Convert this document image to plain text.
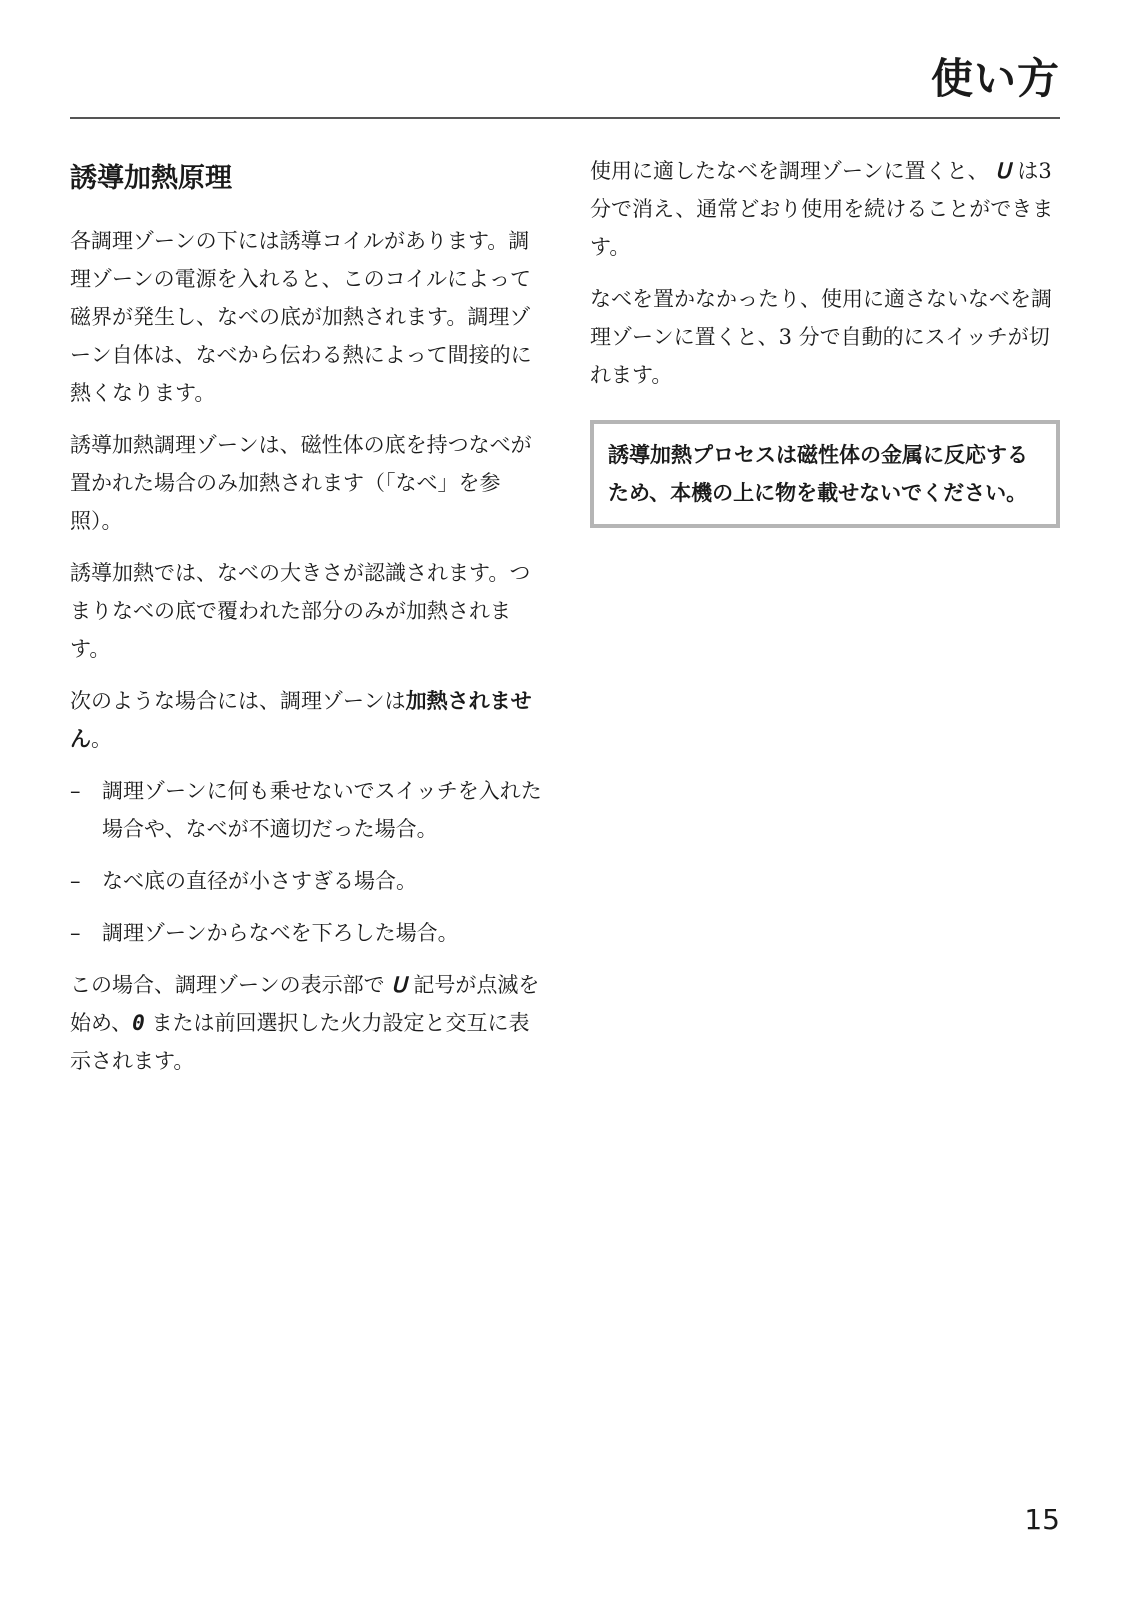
使い方
誘導加熱原理

各調理ゾーンの下には誘導コイルがあります。調理ゾーンの電源を入れると、このコイルによって磁界が発生し、なべの底が加熱されます。調理ゾーン自体は、なべから伝わる熱によって間接的に熱くなります。

誘導加熱調理ゾーンは、磁性体の底を持つなべが置かれた場合のみ加熱されます（「なべ」を参照）。

誘導加熱では、なべの大きさが認識されます。つまりなべの底で覆われた部分のみが加熱されます。

次のような場合には、調理ゾーンは加熱されません。

– 調理ゾーンに何も乗せないでスイッチを入れた場合や、なべが不適切だった場合。
– なべ底の直径が小さすぎる場合。
– 調理ゾーンからなべを下ろした場合。

この場合、調理ゾーンの表示部で ꓴ 記号が点滅を始め、0 または前回選択した火力設定と交互に表示されます。

使用に適したなべを調理ゾーンに置くと、 ꓴ は3分で消え、通常どおり使用を続けることができます。

なべを置かなかったり、使用に適さないなべを調理ゾーンに置くと、3 分で自動的にスイッチが切れます。

誘導加熱プロセスは磁性体の金属に反応するため、本機の上に物を載せないでください。
15
